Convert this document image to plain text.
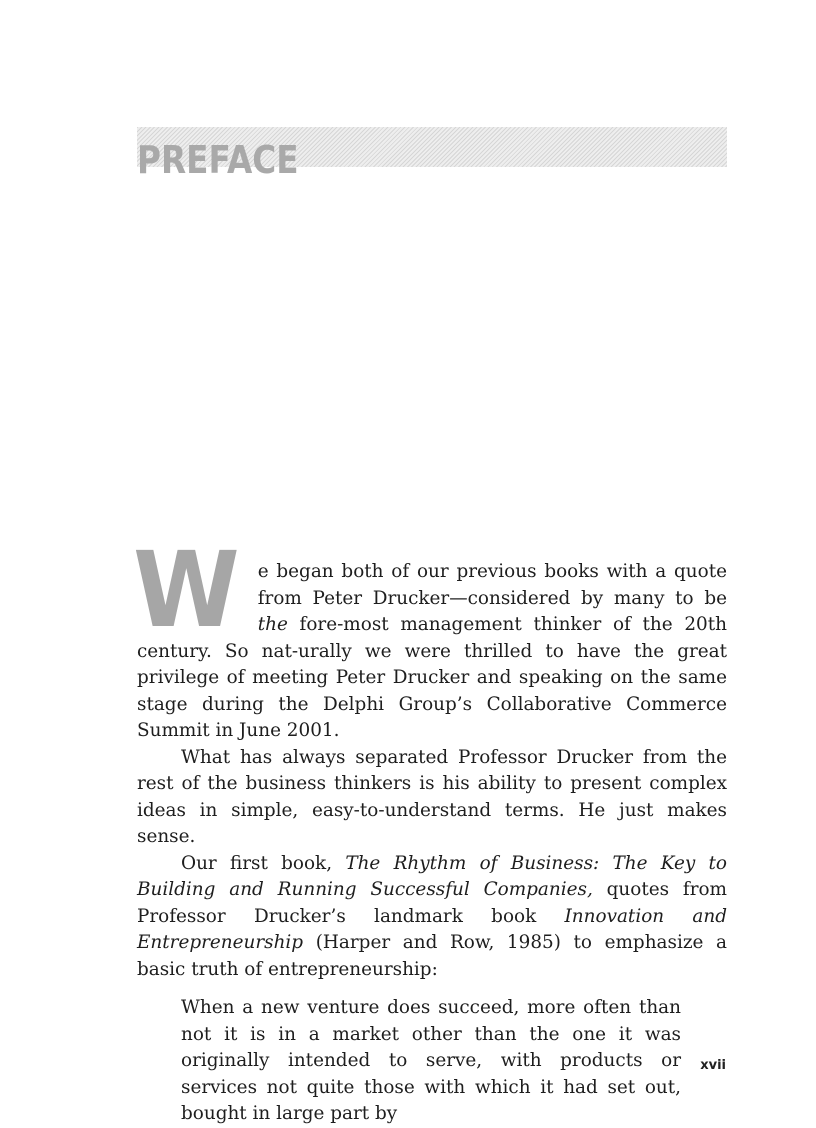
PREFACE

We began both of our previous books with a quote from Peter Drucker—considered by many to be the fore-most management thinker of the 20th century. So nat-urally we were thrilled to have the great privilege of meeting Peter Drucker and speaking on the same stage during the Delphi Group’s Collaborative Commerce Summit in June 2001.

What has always separated Professor Drucker from the rest of the business thinkers is his ability to present complex ideas in simple, easy-to-understand terms. He just makes sense.

Our first book, The Rhythm of Business: The Key to Building and Running Successful Companies, quotes from Professor Drucker’s landmark book Innovation and Entrepreneurship (Harper and Row, 1985) to emphasize a basic truth of entrepreneurship:

When a new venture does succeed, more often than not it is in a market other than the one it was originally intended to serve, with products or services not quite those with which it had set out, bought in large part by

xvii
